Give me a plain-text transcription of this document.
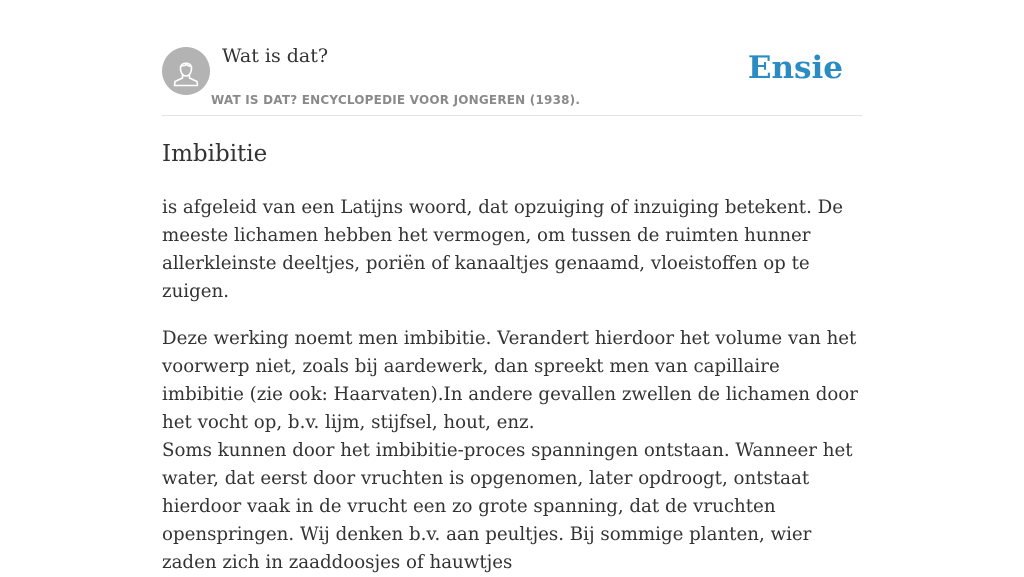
Wat is dat?
WAT IS DAT? ENCYCLOPEDIE VOOR JONGEREN (1938).
Ensie
Imbibitie

is afgeleid van een Latijns woord, dat opzuiging of inzuiging betekent. De meeste lichamen hebben het vermogen, om tussen de ruimten hunner allerkleinste deeltjes, poriën of kanaaltjes genaamd, vloeistoffen op te zuigen.

Deze werking noemt men imbibitie. Verandert hierdoor het volume van het voorwerp niet, zoals bij aardewerk, dan spreekt men van capillaire imbibitie (zie ook: Haarvaten).In andere gevallen zwellen de lichamen door het vocht op, b.v. lijm, stijfsel, hout, enz.

Soms kunnen door het imbibitie-proces spanningen ontstaan. Wanneer het water, dat eerst door vruchten is opgenomen, later opdroogt, ontstaat hierdoor vaak in de vrucht een zo grote spanning, dat de vruchten openspringen. Wij denken b.v. aan peultjes. Bij sommige planten, wier zaden zich in zaaddoosjes of hauwtjes
